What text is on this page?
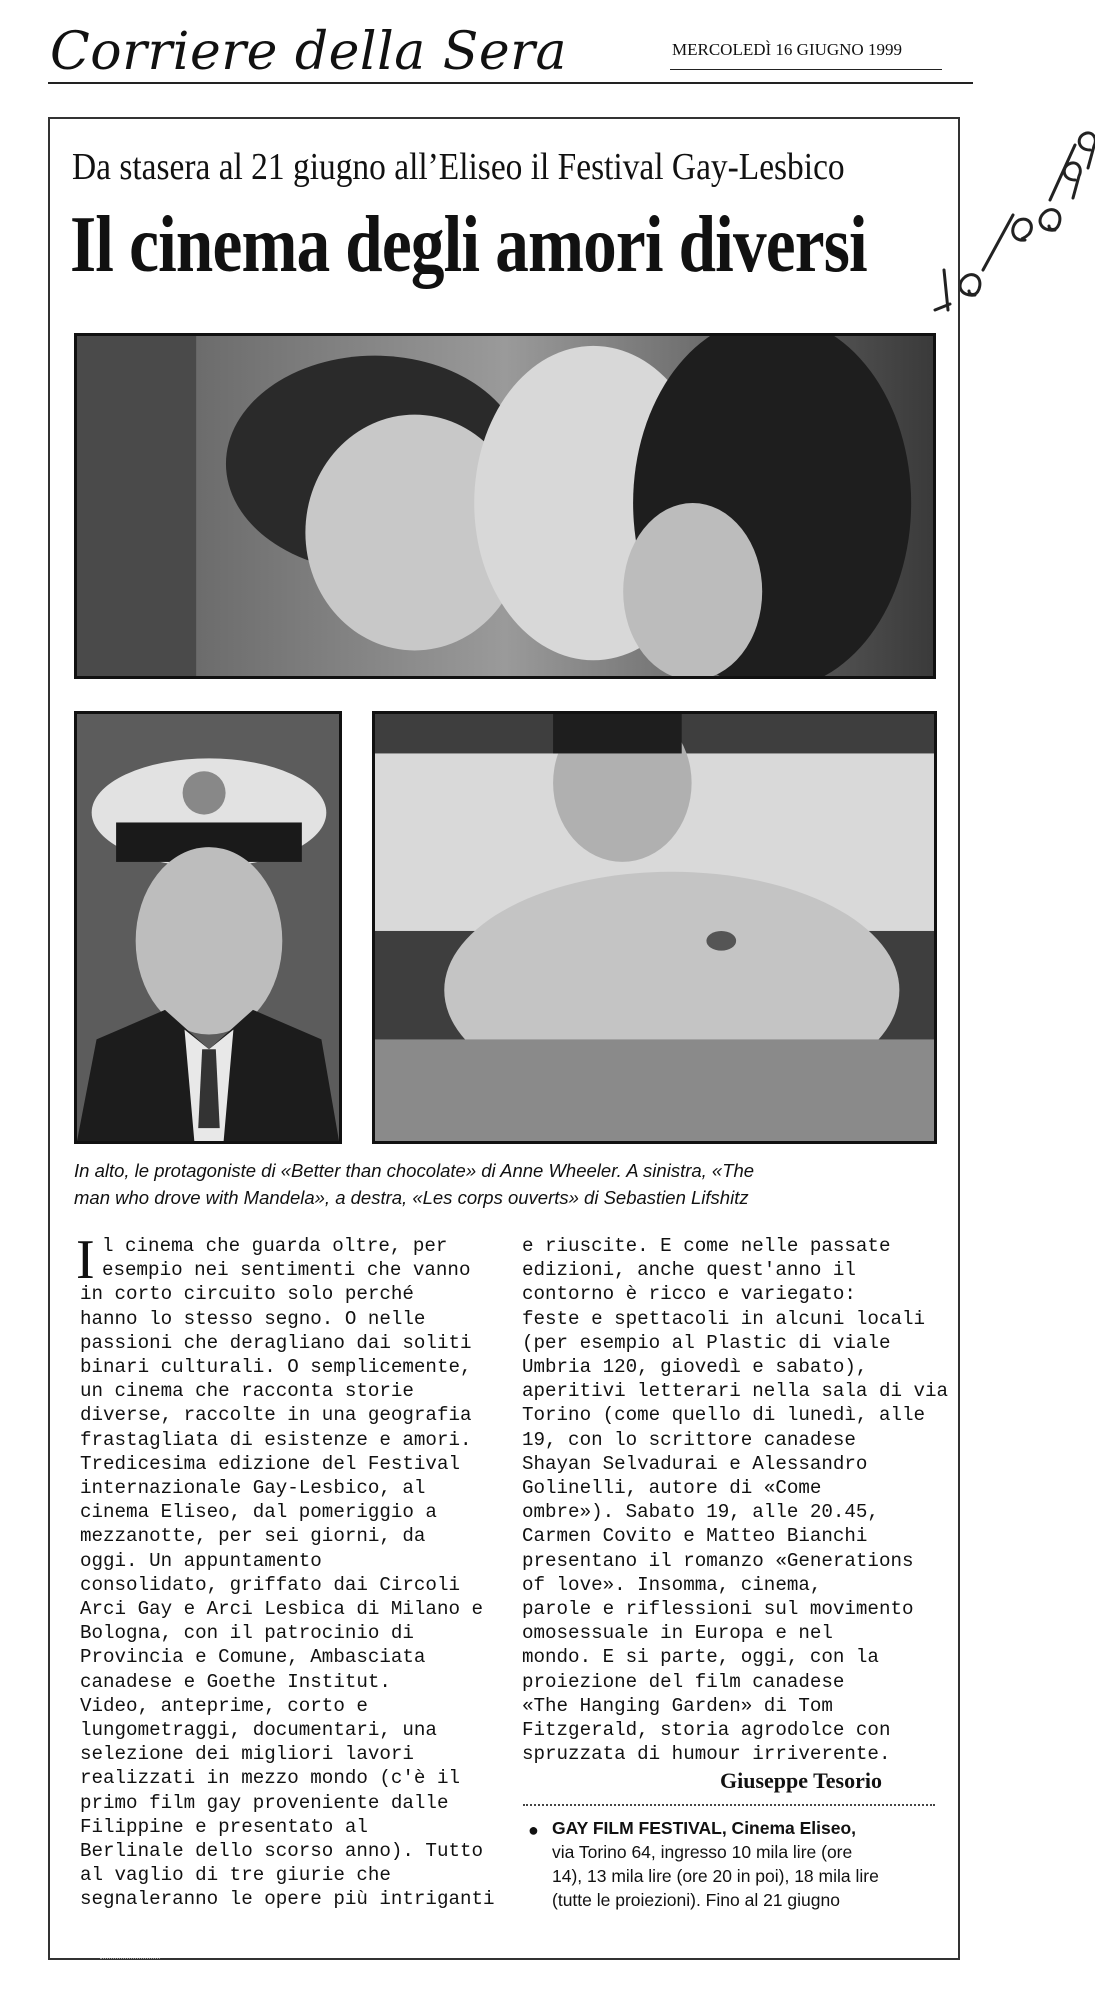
Corriere della Sera	MERCOLEDÌ 16 GIUGNO 1999
Da stasera al 21 giugno all’Eliseo il Festival Gay-Lesbico
Il cinema degli amori diversi
In alto, le protagoniste di «Better than chocolate» di Anne Wheeler. A sinistra, «The
man who drove with Mandela», a destra, «Les corps ouverts» di Sebastien Lifshitz
I l cinema che guarda oltre, per
esempio nei sentimenti che vanno
in corto circuito solo perché
hanno lo stesso segno. O nelle
passioni che deragliano dai soliti
binari culturali. O semplicemente,
un cinema che racconta storie
diverse, raccolte in una geografia
frastagliata di esistenze e amori.
Tredicesima edizione del Festival
internazionale Gay-Lesbico, al
cinema Eliseo, dal pomeriggio a
mezzanotte, per sei giorni, da
oggi. Un appuntamento
consolidato, griffato dai Circoli
Arci Gay e Arci Lesbica di Milano e
Bologna, con il patrocinio di
Provincia e Comune, Ambasciata
canadese e Goethe Institut.
Video, anteprime, corto e
lungometraggi, documentari, una
selezione dei migliori lavori
realizzati in mezzo mondo (c'è il
primo film gay proveniente dalle
Filippine e presentato al
Berlinale dello scorso anno). Tutto
al vaglio di tre giurie che
segnaleranno le opere più intriganti
e riuscite. E come nelle passate
edizioni, anche quest'anno il
contorno è ricco e variegato:
feste e spettacoli in alcuni locali
(per esempio al Plastic di viale
Umbria 120, giovedì e sabato),
aperitivi letterari nella sala di via
Torino (come quello di lunedì, alle
19, con lo scrittore canadese
Shayan Selvadurai e Alessandro
Golinelli, autore di «Come
ombre»). Sabato 19, alle 20.45,
Carmen Covito e Matteo Bianchi
presentano il romanzo «Generations
of love». Insomma, cinema,
parole e riflessioni sul movimento
omosessuale in Europa e nel
mondo. E si parte, oggi, con la
proiezione del film canadese
«The Hanging Garden» di Tom
Fitzgerald, storia agrodolce con
spruzzata di humour irriverente.
Giuseppe Tesorio
● GAY FILM FESTIVAL, Cinema Eliseo,
via Torino 64, ingresso 10 mila lire (ore
14), 13 mila lire (ore 20 in poi), 18 mila lire
(tutte le proiezioni). Fino al 21 giugno
